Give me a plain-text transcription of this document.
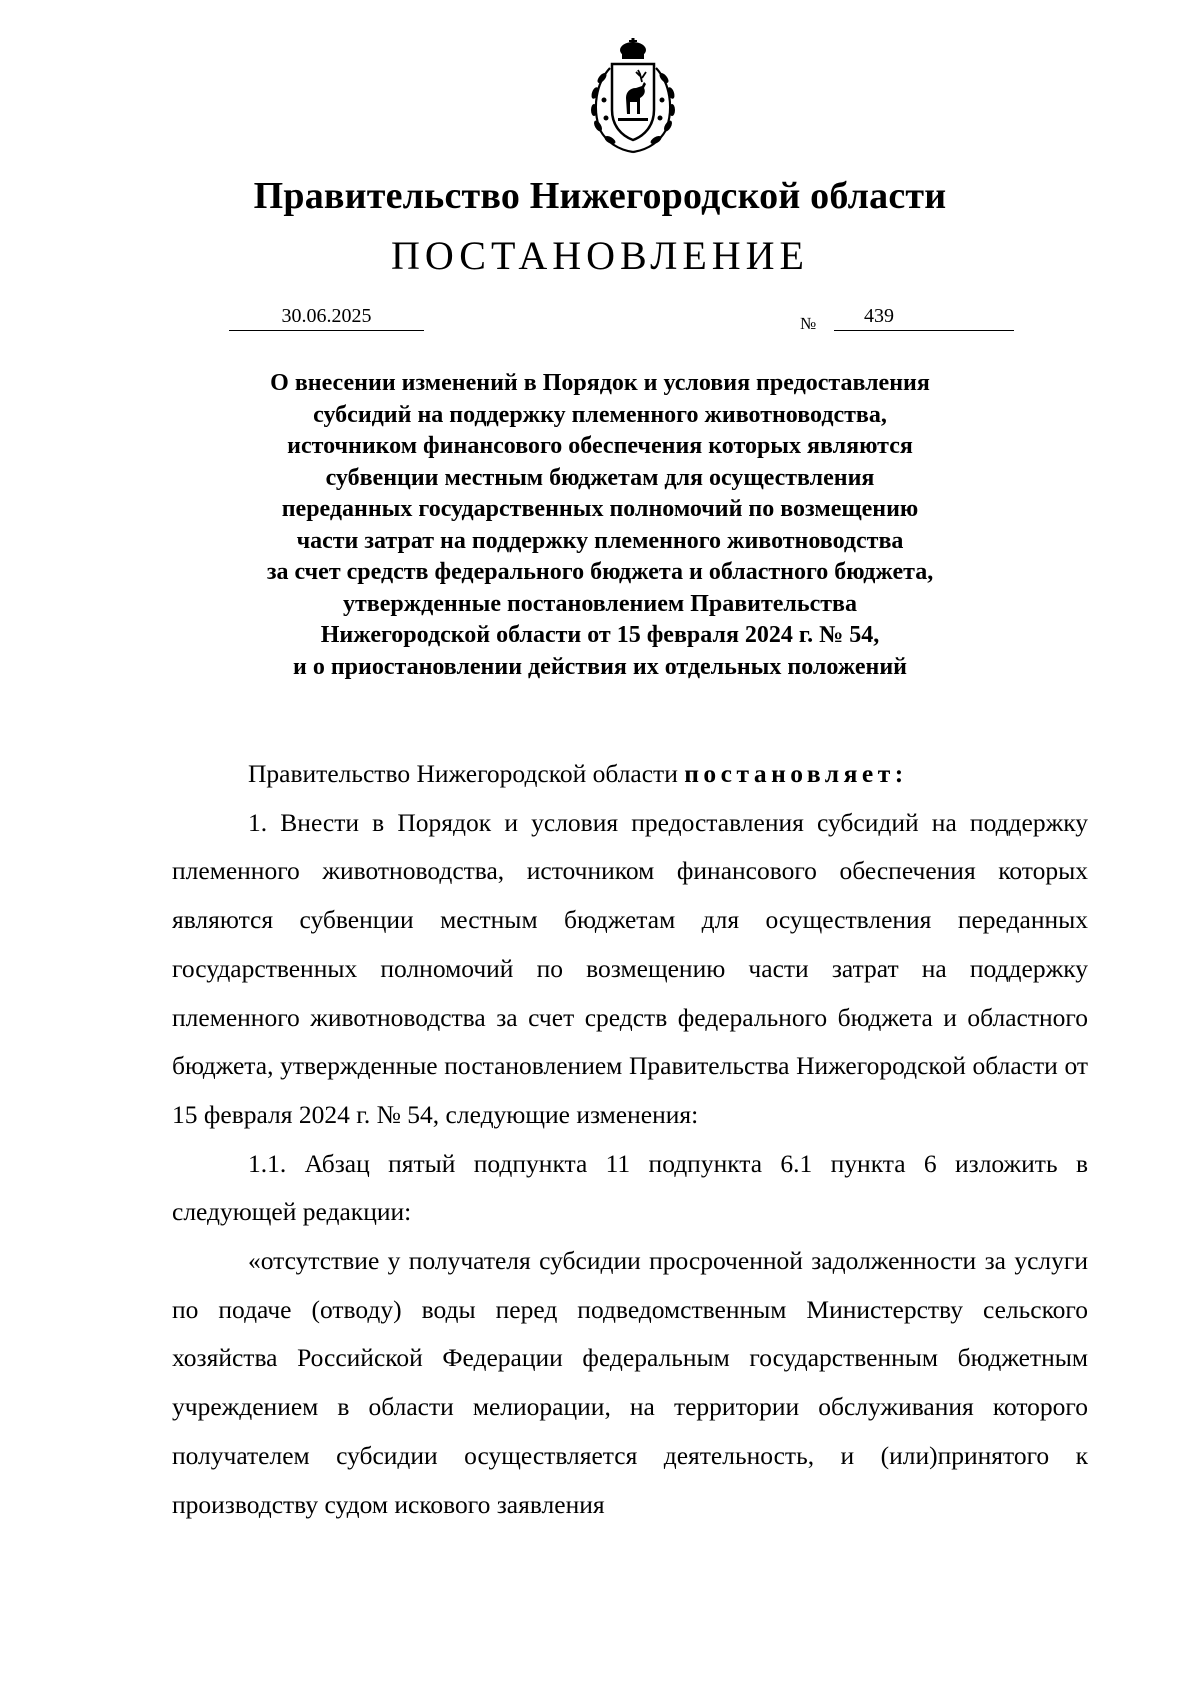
Правительство Нижегородской области
ПОСТАНОВЛЕНИЕ
30.06.2025	№	439
О внесении изменений в Порядок и условия предоставления
субсидий на поддержку племенного животноводства,
источником финансового обеспечения которых являются
субвенции местным бюджетам для осуществления
переданных государственных полномочий по возмещению
части затрат на поддержку племенного животноводства
за счет средств федерального бюджета и областного бюджета,
утвержденные постановлением Правительства
Нижегородской области от 15 февраля 2024 г. № 54,
и о приостановлении действия их отдельных положений

Правительство Нижегородской области постановляет:

1. Внести в Порядок и условия предоставления субсидий на поддержку племенного животноводства, источником финансового обеспечения которых являются субвенции местным бюджетам для осуществления переданных государственных полномочий по возмещению части затрат на поддержку племенного животноводства за счет средств федерального бюджета и областного бюджета, утвержденные постановлением Правительства Нижегородской области от 15 февраля 2024 г. № 54, следующие изменения:

1.1. Абзац пятый подпункта 11 подпункта 6.1 пункта 6 изложить в следующей редакции:

«отсутствие у получателя субсидии просроченной задолженности за услуги по подаче (отводу) воды перед подведомственным Министерству сельского хозяйства Российской Федерации федеральным государственным бюджетным учреждением в области мелиорации, на территории обслуживания которого получателем субсидии осуществляется деятельность, и (или)принятого к производству судом искового заявления
